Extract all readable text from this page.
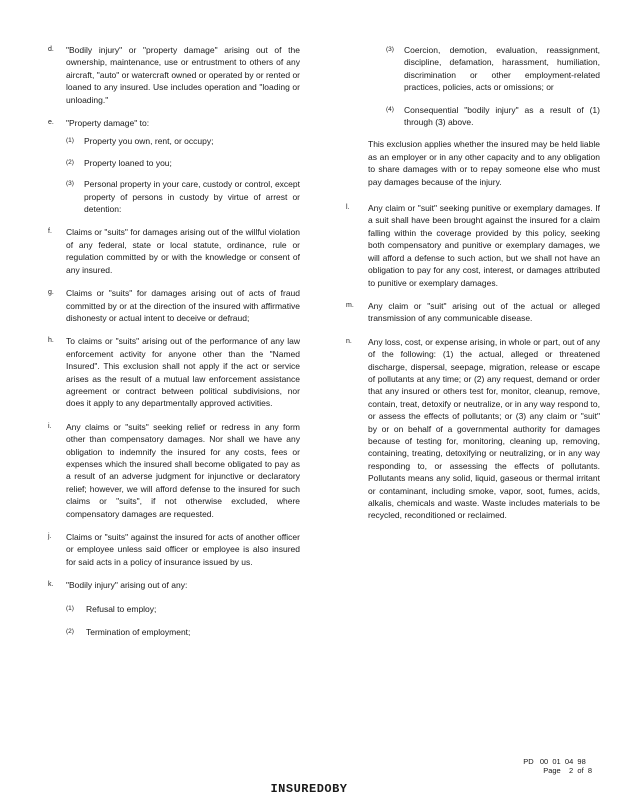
d. "Bodily injury" or "property damage" arising out of the ownership, maintenance, use or entrustment to others of any aircraft, "auto" or watercraft owned or operated by or rented or loaned to any insured. Use includes operation and "loading or unloading."
e. "Property damage" to:
(1) Property you own, rent, or occupy;
(2) Property loaned to you;
(3) Personal property in your care, custody or control, except property of persons in custody by virtue of arrest or detention:
f. Claims or "suits" for damages arising out of the willful violation of any federal, state or local statute, ordinance, rule or regulation committed by or with the knowledge or consent of any insured.
g. Claims or "suits" for damages arising out of acts of fraud committed by or at the direction of the insured with affirmative dishonesty or actual intent to deceive or defraud;
h. To claims or "suits" arising out of the performance of any law enforcement activity for anyone other than the "Named Insured". This exclusion shall not apply if the act or service arises as the result of a mutual law enforcement assistance agreement or contract between political subdivisions, nor does it apply to any departmentally approved activities.
i. Any claims or "suits" seeking relief or redress in any form other than compensatory damages. Nor shall we have any obligation to indemnify the insured for any costs, fees or expenses which the insured shall become obligated to pay as a result of an adverse judgment for injunctive or declaratory relief; however, we will afford defense to the insured for such claims or "suits", if not otherwise excluded, where compensatory damages are requested.
j. Claims or "suits" against the insured for acts of another officer or employee unless said officer or employee is also insured for said acts in a policy of insurance issued by us.
k. "Bodily injury" arising out of any:
(1) Refusal to employ;
(2) Termination of employment;
(3) Coercion, demotion, evaluation, reassignment, discipline, defamation, harassment, humiliation, discrimination or other employment-related practices, policies, acts or omissions; or
(4) Consequential "bodily injury" as a result of (1) through (3) above.
This exclusion applies whether the insured may be held liable as an employer or in any other capacity and to any obligation to share damages with or to repay someone else who must pay damages because of the injury.
l. Any claim or "suit" seeking punitive or exemplary damages. If a suit shall have been brought against the insured for a claim falling within the coverage provided by this policy, seeking both compensatory and punitive or exemplary damages, we will afford a defense to such action, but we shall not have an obligation to pay for any cost, interest, or damages attributed to punitive or exemplary damages.
m. Any claim or "suit" arising out of the actual or alleged transmission of any communicable disease.
n. Any loss, cost, or expense arising, in whole or part, out of any of the following: (1) the actual, alleged or threatened discharge, dispersal, seepage, migration, release or escape of pollutants at any time; or (2) any request, demand or order that any insured or others test for, monitor, cleanup, remove, contain, treat, detoxify or neutralize, or in any way respond to, or assess the effects of pollutants; or (3) any claim or "suit" by or on behalf of a governmental authority for damages because of testing for, monitoring, cleaning up, removing, containing, treating, detoxifying or neutralizing, or in any way responding to, or assessing the effects of pollutants. Pollutants means any solid, liquid, gaseous or thermal irritant or contaminant, including smoke, vapor, soot, fumes, acids, alkalis, chemicals and waste. Waste includes materials to be recycled, reconditioned or reclaimed.
PD   00  01  04  98
Page    2  of  8
INSUREDOBY
